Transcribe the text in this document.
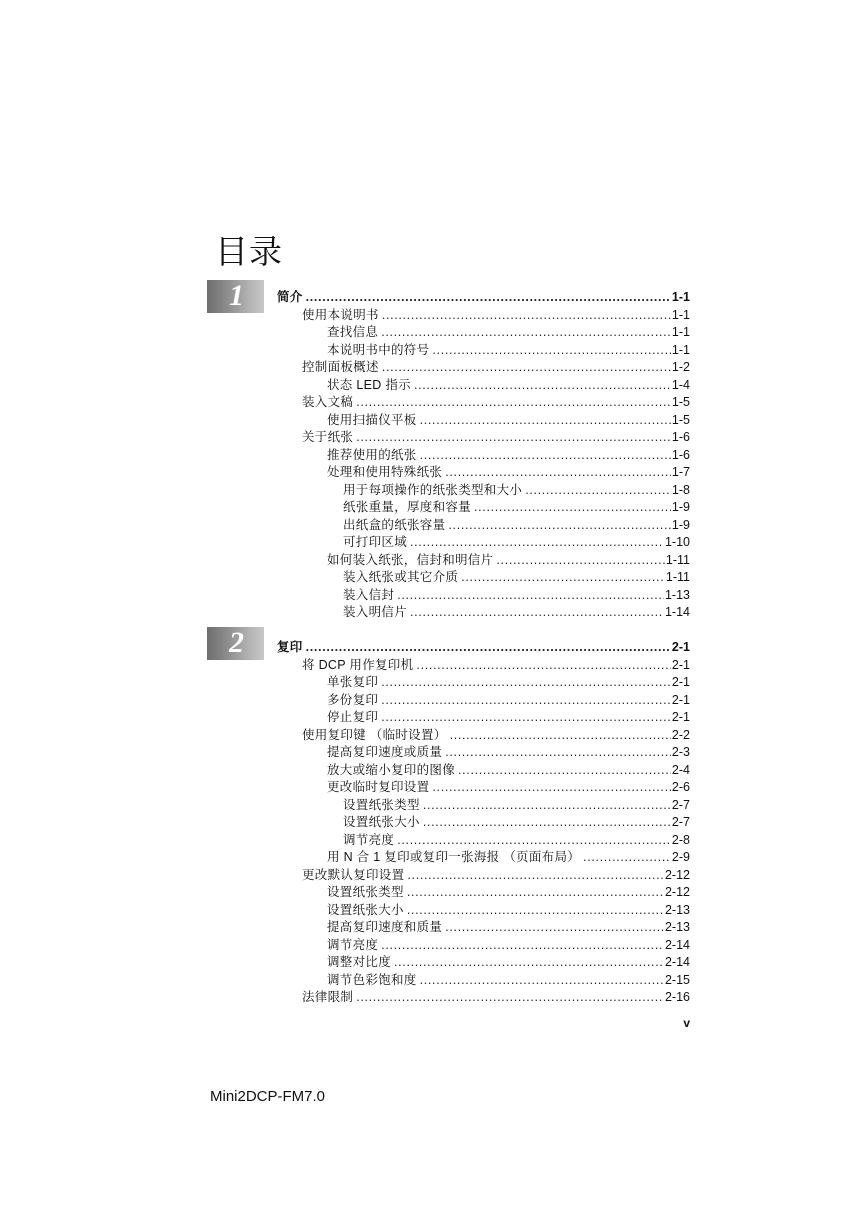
目录
1
2
简介 . . .	1-1
使用本说明书 . . .	1-1
查找信息 . . .	1-1
本说明书中的符号 . . .	1-1
控制面板概述 . . .	1-2
状态 LED 指示 . . .	1-4
装入文稿 . . .	1-5
使用扫描仪平板 . . .	1-5
关于纸张 . . .	1-6
推荐使用的纸张 . . .	1-6
处理和使用特殊纸张 . . .	1-7
用于每项操作的纸张类型和大小 . . .	1-8
纸张重量，厚度和容量 . . .	1-9
出纸盒的纸张容量 . . .	1-9
可打印区域 . . .	1-10
如何装入纸张，信封和明信片 . . .	1-11
装入纸张或其它介质 . . .	1-11
装入信封 . . .	1-13
装入明信片 . . .	1-14
复印 . . .	2-1
将 DCP 用作复印机 . . .	2-1
单张复印 . . .	2-1
多份复印 . . .	2-1
停止复印 . . .	2-1
使用复印键 （临时设置） . . .	2-2
提高复印速度或质量 . . .	2-3
放大或缩小复印的图像 . . .	2-4
更改临时复印设置 . . .	2-6
设置纸张类型 . . .	2-7
设置纸张大小 . . .	2-7
调节亮度 . . .	2-8
用 N 合 1 复印或复印一张海报 （页面布局） . . .	2-9
更改默认复印设置 . . .	2-12
设置纸张类型 . . .	2-12
设置纸张大小 . . .	2-13
提高复印速度和质量 . . .	2-13
调节亮度 . . .	2-14
调整对比度 . . .	2-14
调节色彩饱和度 . . .	2-15
法律限制 . . .	2-16
v
Mini2DCP-FM7.0
